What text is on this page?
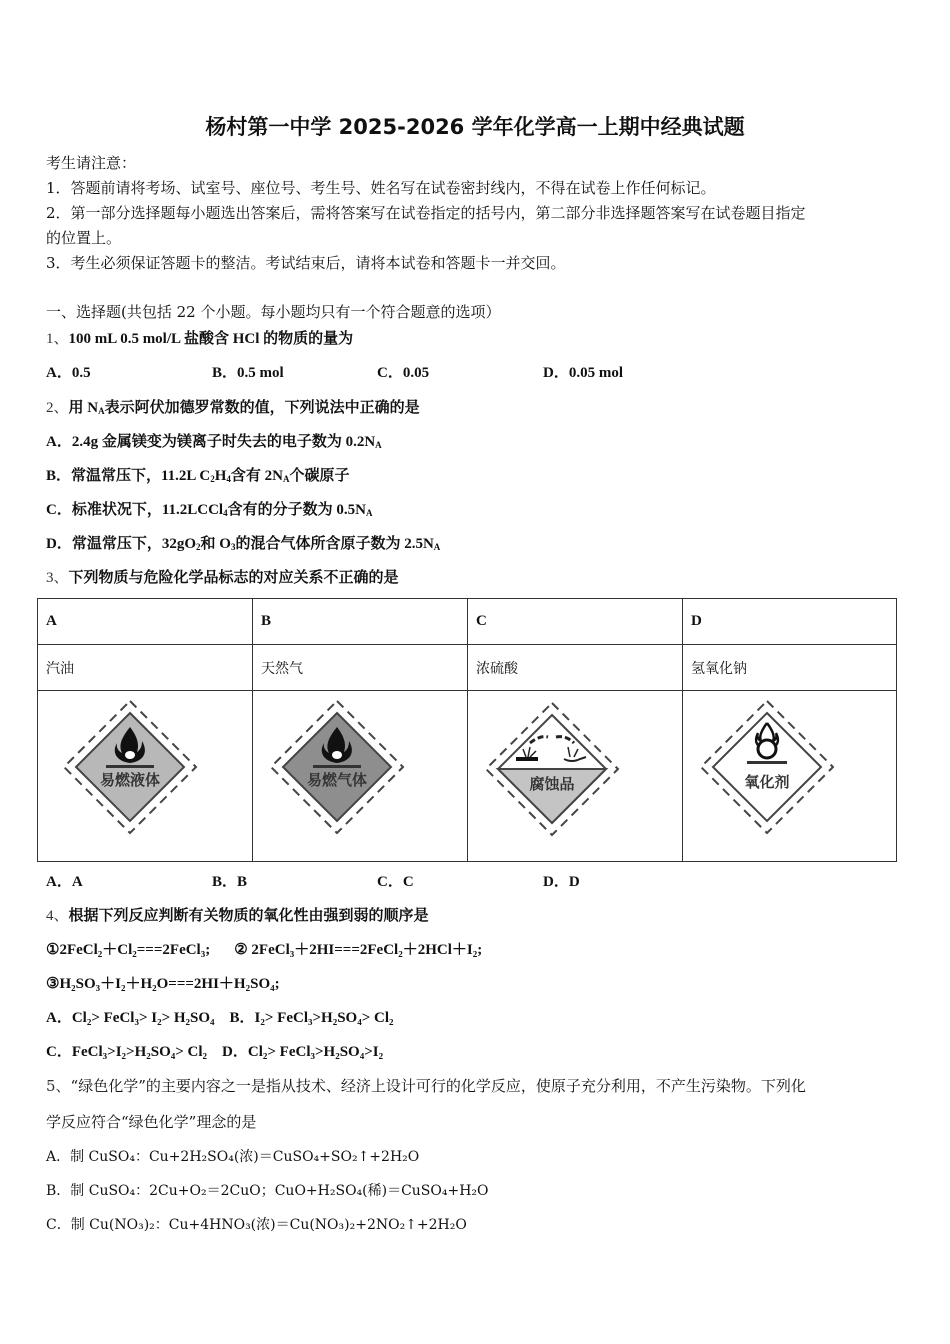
杨村第一中学 2025-2026 学年化学高一上期中经典试题
考生请注意：
1．答题前请将考场、试室号、座位号、考生号、姓名写在试卷密封线内，不得在试卷上作任何标记。
2．第一部分选择题每小题选出答案后，需将答案写在试卷指定的括号内，第二部分非选择题答案写在试卷题目指定
的位置上。
3．考生必须保证答题卡的整洁。考试结束后，请将本试卷和答题卡一并交回。
一、选择题(共包括 22 个小题。每小题均只有一个符合题意的选项）
1、100 mL 0.5 mol/L 盐酸含 HCl 的物质的量为
A．0.5	B．0.5 mol	C．0.05	D．0.05 mol
2、用 $N_A$表示阿伏加德罗常数的值，下列说法中正确的是
A．2.4g 金属镁变为镁离子时失去的电子数为 $0.2N_A$
B．常温常压下，11.2L $C_2H_4$含有 $2N_A$个碳原子
C．标准状况下，11.2LCCl$_4$含有的分子数为 $0.5N_A$
D．常温常压下，$32gO_2$和 $O_3$的混合气体所含原子数为 $2.5N_A$
3、下列物质与危险化学品标志的对应关系不正确的是
A	B	C	D
汽油	天然气	浓硫酸	氢氧化钠

易燃液体	易燃气体	腐蚀品	氧化剂
A．A	B．B	C．C	D．D
4、根据下列反应判断有关物质的氧化性由强到弱的顺序是
①2FeCl₂＋Cl₂===2FeCl₃; ② 2FeCl₃＋2HI===2FeCl₂＋2HCl＋I₂;
③H₂SO₃＋I₂＋H₂O===2HI＋H₂SO₄;
A．Cl₂> FeCl₃> I₂> H₂SO₄    B．I₂> FeCl₃>H₂SO₄> Cl₂
C．FeCl₃>I₂>H₂SO₄> Cl₂    D．Cl₂> FeCl₃>H₂SO₄>I₂
5、“绿色化学”的主要内容之一是指从技术、经济上设计可行的化学反应，使原子充分利用，不产生污染物。下列化
学反应符合“绿色化学”理念的是
A．制 CuSO₄：Cu+2H₂SO₄(浓)＝CuSO₄+SO₂↑+2H₂O
B．制 CuSO₄：2Cu+O₂＝2CuO；CuO+H₂SO₄(稀)＝CuSO₄+H₂O
C．制 Cu(NO₃)₂：Cu+4HNO₃(浓)＝Cu(NO₃)₂+2NO₂↑+2H₂O
